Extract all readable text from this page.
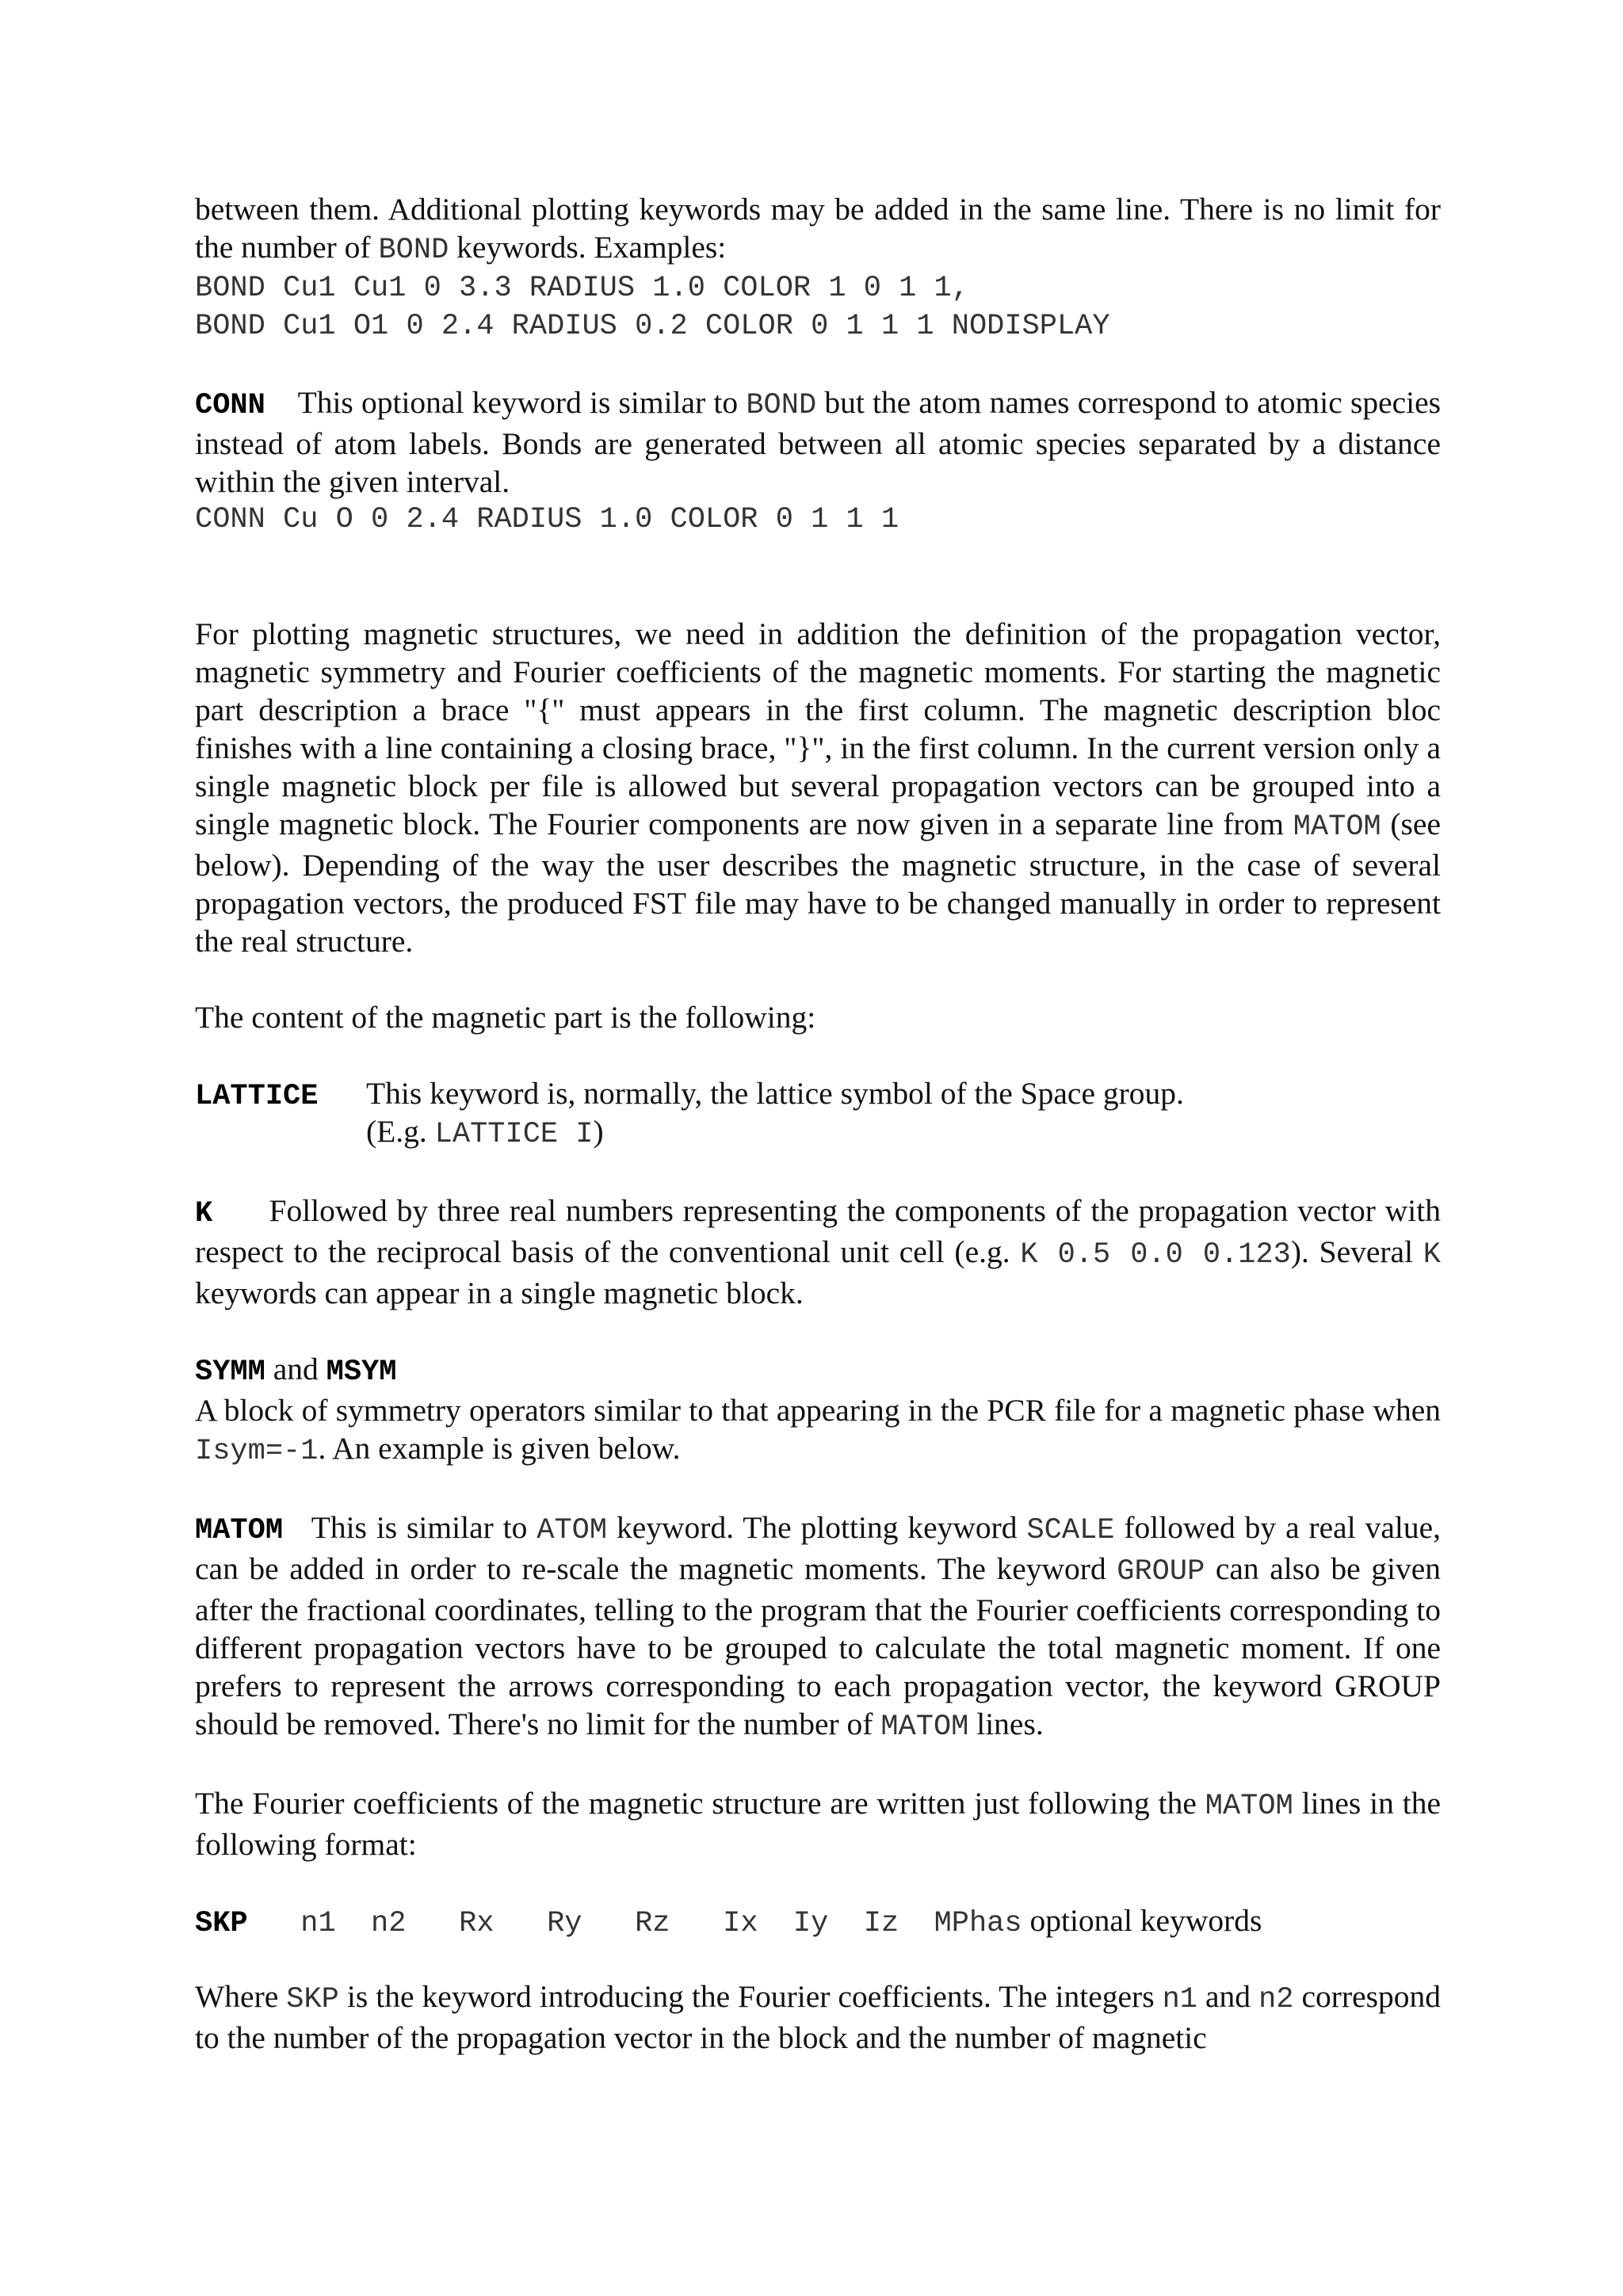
between them. Additional plotting keywords may be added in the same line. There is no limit for the number of BOND keywords. Examples:

BOND Cu1 Cu1 0 3.3 RADIUS 1.0 COLOR 1 0 1 1,
BOND Cu1 O1 0 2.4 RADIUS 0.2 COLOR 0 1 1 1 NODISPLAY

CONN This optional keyword is similar to BOND but the atom names correspond to atomic species instead of atom labels. Bonds are generated between all atomic species separated by a distance within the given interval.

CONN Cu O 0 2.4 RADIUS 1.0 COLOR 0 1 1 1

For plotting magnetic structures, we need in addition the definition of the propagation vector, magnetic symmetry and Fourier coefficients of the magnetic moments. For starting the magnetic part description a brace "{" must appears in the first column. The magnetic description bloc finishes with a line containing a closing brace, "}", in the first column. In the current version only a single magnetic block per file is allowed but several propagation vectors can be grouped into a single magnetic block. The Fourier components are now given in a separate line from MATOM (see below). Depending of the way the user describes the magnetic structure, in the case of several propagation vectors, the produced FST file may have to be changed manually in order to represent the real structure.

The content of the magnetic part is the following:

LATTICE	This keyword is, normally, the lattice symbol of the Space group.
(E.g. LATTICE I)

K Followed by three real numbers representing the components of the propagation vector with respect to the reciprocal basis of the conventional unit cell (e.g. K 0.5 0.0 0.123). Several K keywords can appear in a single magnetic block.

SYMM and MSYM

A block of symmetry operators similar to that appearing in the PCR file for a magnetic phase when Isym=-1. An example is given below.

MATOM This is similar to ATOM keyword. The plotting keyword SCALE followed by a real value, can be added in order to re-scale the magnetic moments. The keyword GROUP can also be given after the fractional coordinates, telling to the program that the Fourier coefficients corresponding to different propagation vectors have to be grouped to calculate the total magnetic moment. If one prefers to represent the arrows corresponding to each propagation vector, the keyword GROUP should be removed. There's no limit for the number of MATOM lines.

The Fourier coefficients of the magnetic structure are written just following the MATOM lines in the following format:

SKP   n1  n2   Rx   Ry   Rz   Ix  Iy  Iz  MPhas optional keywords

Where SKP is the keyword introducing the Fourier coefficients. The integers n1 and n2 correspond to the number of the propagation vector in the block and the number of magnetic
